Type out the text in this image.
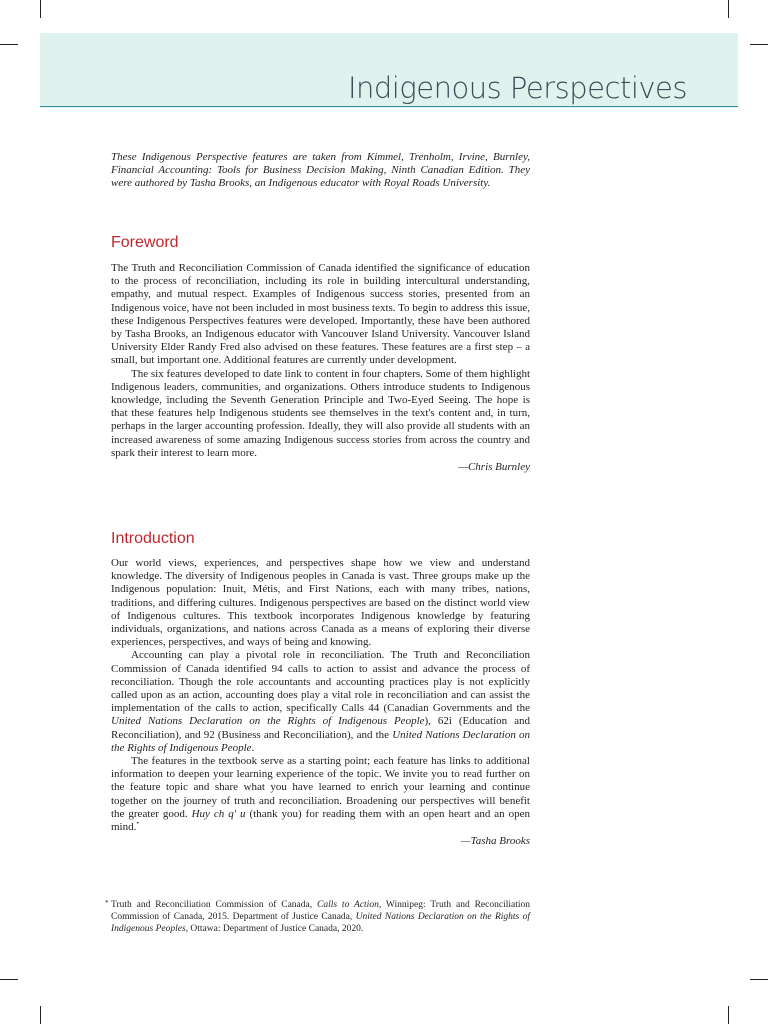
Indigenous Perspectives

These Indigenous Perspective features are taken from Kimmel, Trenholm, Irvine, Burnley, Financial Accounting: Tools for Business Decision Making, Ninth Canadian Edition. They were authored by Tasha Brooks, an Indigenous educator with Royal Roads University.

Foreword

The Truth and Reconciliation Commission of Canada identified the significance of education to the process of reconciliation, including its role in building intercultural understanding, empathy, and mutual respect. Examples of Indigenous success stories, presented from an Indigenous voice, have not been included in most business texts. To begin to address this issue, these Indigenous Perspectives features were developed. Importantly, these have been authored by Tasha Brooks, an Indigenous educator with Vancouver Island University. Vancouver Island University Elder Randy Fred also advised on these features. These features are a first step – a small, but important one. Additional features are currently under development.

The six features developed to date link to content in four chapters. Some of them highlight Indigenous leaders, communities, and organizations. Others introduce students to Indigenous knowledge, including the Seventh Generation Principle and Two-Eyed Seeing. The hope is that these features help Indigenous students see themselves in the text's content and, in turn, perhaps in the larger accounting profession. Ideally, they will also provide all students with an increased awareness of some amazing Indigenous success stories from across the country and spark their interest to learn more.

—Chris Burnley

Introduction

Our world views, experiences, and perspectives shape how we view and understand knowledge. The diversity of Indigenous peoples in Canada is vast. Three groups make up the Indigenous population: Inuit, Métis, and First Nations, each with many tribes, nations, traditions, and differing cultures. Indigenous perspectives are based on the distinct world view of Indigenous cultures. This textbook incorporates Indigenous knowledge by featuring individuals, organizations, and nations across Canada as a means of exploring their diverse experiences, perspectives, and ways of being and knowing.

Accounting can play a pivotal role in reconciliation. The Truth and Reconciliation Commission of Canada identified 94 calls to action to assist and advance the process of reconciliation. Though the role accountants and accounting practices play is not explicitly called upon as an action, accounting does play a vital role in reconciliation and can assist the implementation of the calls to action, specifically Calls 44 (Canadian Governments and the United Nations Declaration on the Rights of Indigenous People), 62i (Education and Reconciliation), and 92 (Business and Reconciliation), and the United Nations Declaration on the Rights of Indigenous People.

The features in the textbook serve as a starting point; each feature has links to additional information to deepen your learning experience of the topic. We invite you to read further on the feature topic and share what you have learned to enrich your learning and continue together on the journey of truth and reconciliation. Broadening our perspectives will benefit the greater good. Huy ch q' u (thank you) for reading them with an open heart and an open mind.*

—Tasha Brooks

* Truth and Reconciliation Commission of Canada, Calls to Action, Winnipeg: Truth and Reconciliation Commission of Canada, 2015. Department of Justice Canada, United Nations Declaration on the Rights of Indigenous Peoples, Ottawa: Department of Justice Canada, 2020.
